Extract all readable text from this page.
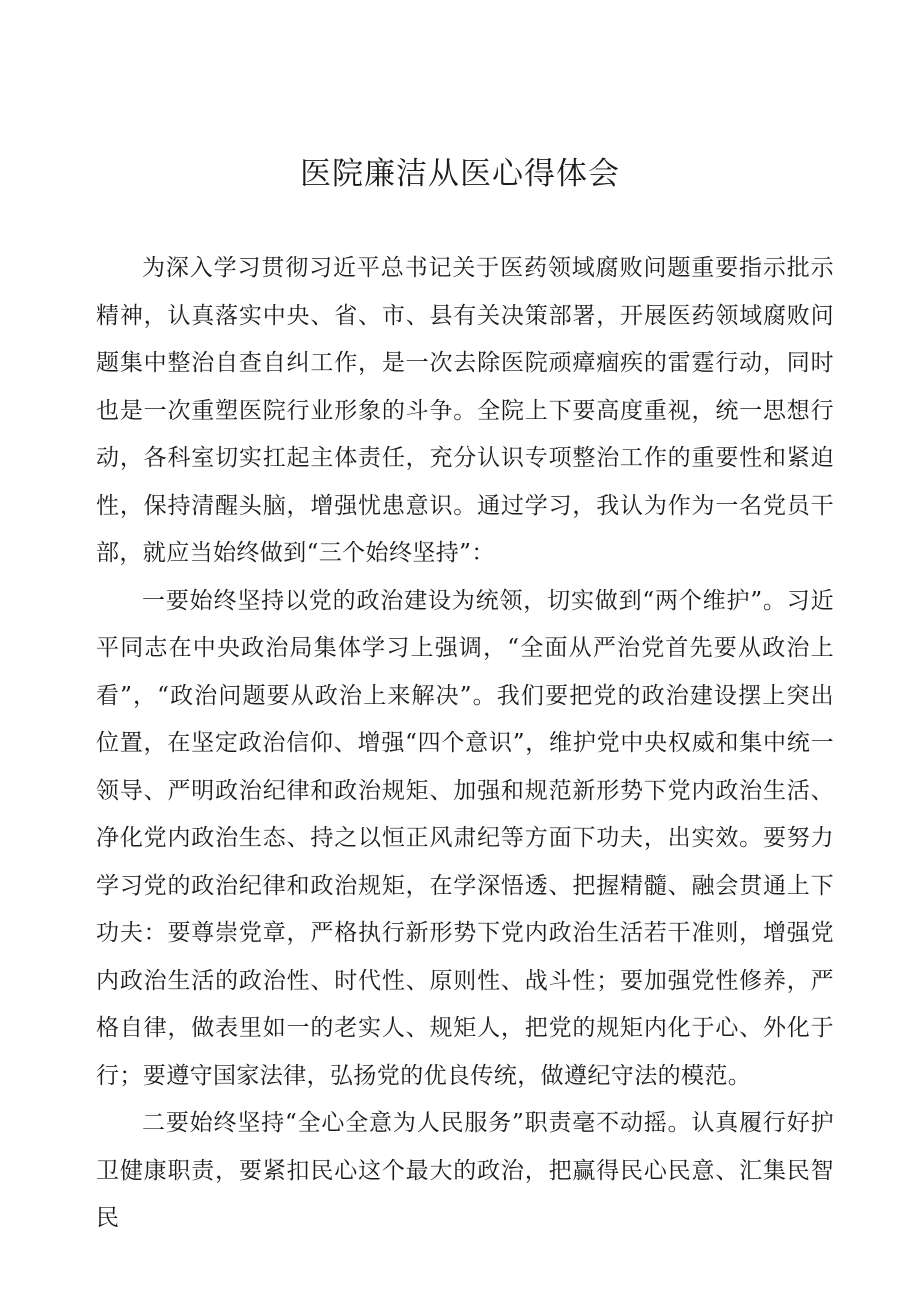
医院廉洁从医心得体会

为深入学习贯彻习近平总书记关于医药领域腐败问题重要指示批示精神，认真落实中央、省、市、县有关决策部署，开展医药领域腐败问题集中整治自查自纠工作，是一次去除医院顽瘴痼疾的雷霆行动，同时也是一次重塑医院行业形象的斗争。全院上下要高度重视，统一思想行动，各科室切实扛起主体责任，充分认识专项整治工作的重要性和紧迫性，保持清醒头脑，增强忧患意识。通过学习，我认为作为一名党员干部，就应当始终做到“三个始终坚持”：

一要始终坚持以党的政治建设为统领，切实做到“两个维护”。习近平同志在中央政治局集体学习上强调，“全面从严治党首先要从政治上看”，“政治问题要从政治上来解决”。我们要把党的政治建设摆上突出位置，在坚定政治信仰、增强“四个意识”，维护党中央权威和集中统一领导、严明政治纪律和政治规矩、加强和规范新形势下党内政治生活、净化党内政治生态、持之以恒正风肃纪等方面下功夫，出实效。要努力学习党的政治纪律和政治规矩，在学深悟透、把握精髓、融会贯通上下功夫：要尊崇党章，严格执行新形势下党内政治生活若干准则，增强党内政治生活的政治性、时代性、原则性、战斗性；要加强党性修养，严格自律，做表里如一的老实人、规矩人，把党的规矩内化于心、外化于行；要遵守国家法律，弘扬党的优良传统，做遵纪守法的模范。

二要始终坚持“全心全意为人民服务”职责毫不动摇。认真履行好护卫健康职责，要紧扣民心这个最大的政治，把赢得民心民意、汇集民智民
